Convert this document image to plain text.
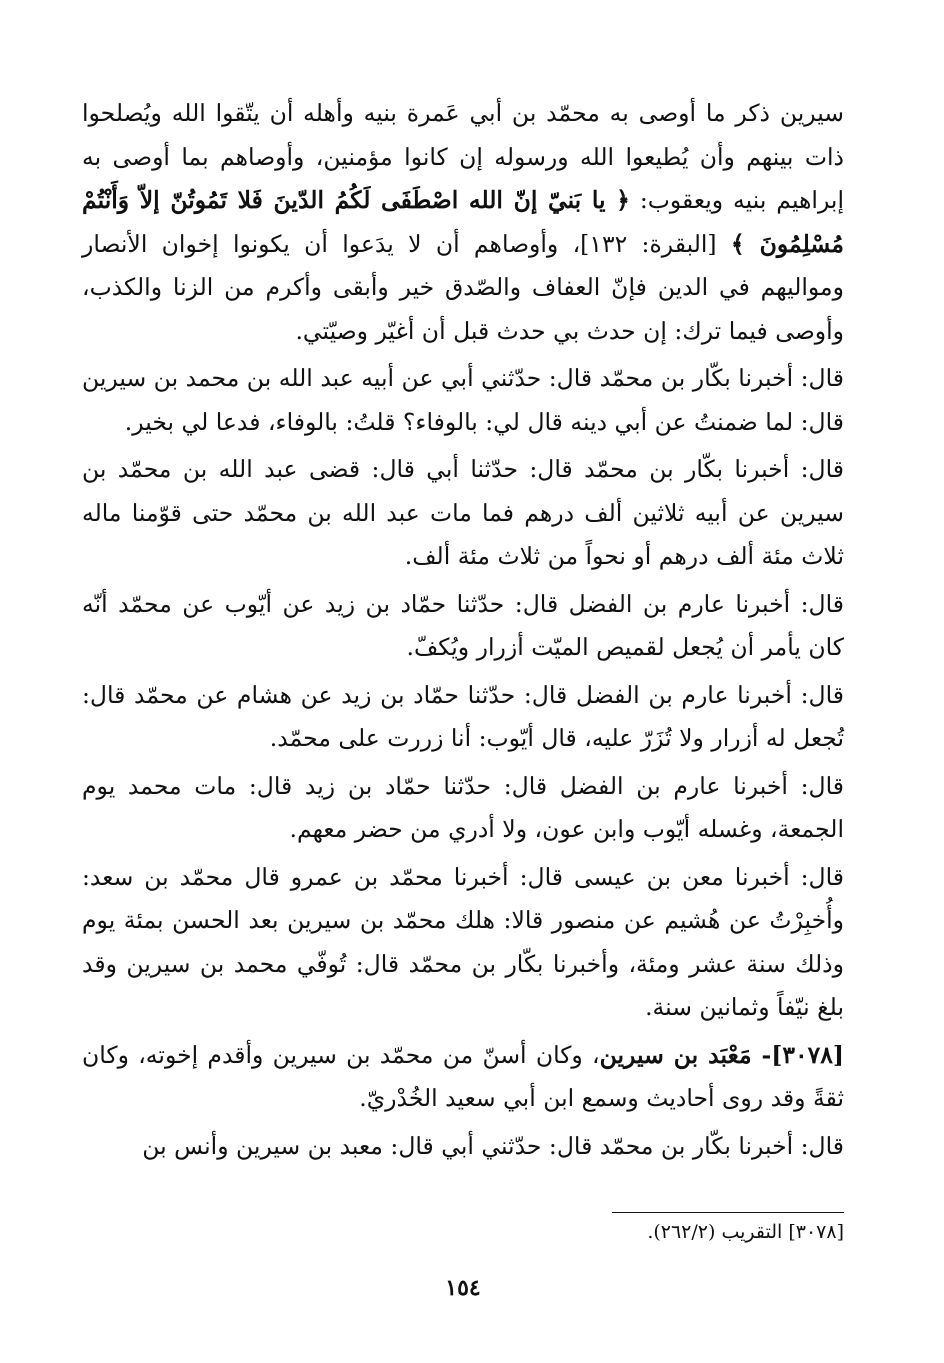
سيرين ذكر ما أوصى به محمّد بن أبي عَمرة بنيه وأهله أن يتّقوا الله ويُصلحوا ذات بينهم وأن يُطيعوا الله ورسوله إن كانوا مؤمنين، وأوصاهم بما أوصى به إبراهيم بنيه ويعقوب: ﴿ يا بَنيّ إنّ الله اصْطَفَى لَكُمُ الدّينَ فَلا تَمُوتُنّ إلاّ وَأَنْتُمْ مُسْلِمُونَ ﴾ [البقرة: ١٣٢]، وأوصاهم أن لا يدَعوا أن يكونوا إخوان الأنصار ومواليهم في الدين فإنّ العفاف والصّدق خير وأبقى وأكرم من الزنا والكذب، وأوصى فيما ترك: إن حدث بي حدث قبل أن أغيّر وصيّتي.

قال: أخبرنا بكّار بن محمّد قال: حدّثني أبي عن أبيه عبد الله بن محمد بن سيرين قال: لما ضمنتُ عن أبي دينه قال لي: بالوفاء؟ قلتُ: بالوفاء، فدعا لي بخير.

قال: أخبرنا بكّار بن محمّد قال: حدّثنا أبي قال: قضى عبد الله بن محمّد بن سيرين عن أبيه ثلاثين ألف درهم فما مات عبد الله بن محمّد حتى قوّمنا ماله ثلاث مئة ألف درهم أو نحواً من ثلاث مئة ألف.

قال: أخبرنا عارم بن الفضل قال: حدّثنا حمّاد بن زيد عن أيّوب عن محمّد أنّه كان يأمر أن يُجعل لقميص الميّت أزرار ويُكفّ.

قال: أخبرنا عارم بن الفضل قال: حدّثنا حمّاد بن زيد عن هشام عن محمّد قال: تُجعل له أزرار ولا تُزَرّ عليه، قال أيّوب: أنا زررت على محمّد.

قال: أخبرنا عارم بن الفضل قال: حدّثنا حمّاد بن زيد قال: مات محمد يوم الجمعة، وغسله أيّوب وابن عون، ولا أدري من حضر معهم.

قال: أخبرنا معن بن عيسى قال: أخبرنا محمّد بن عمرو قال محمّد بن سعد: وأُخبِرْتُ عن هُشيم عن منصور قالا: هلك محمّد بن سيرين بعد الحسن بمئة يوم وذلك سنة عشر ومئة، وأخبرنا بكّار بن محمّد قال: تُوفّي محمد بن سيرين وقد بلغ نيّفاً وثمانين سنة.

[٣٠٧٨]- مَعْبَد بن سيرين، وكان أسنّ من محمّد بن سيرين وأقدم إخوته، وكان ثقةً وقد روى أحاديث وسمع ابن أبي سعيد الخُدْريّ.

قال: أخبرنا بكّار بن محمّد قال: حدّثني أبي قال: معبد بن سيرين وأنس بن

[٣٠٧٨] التقريب (٢٦٢/٢).
١٥٤
